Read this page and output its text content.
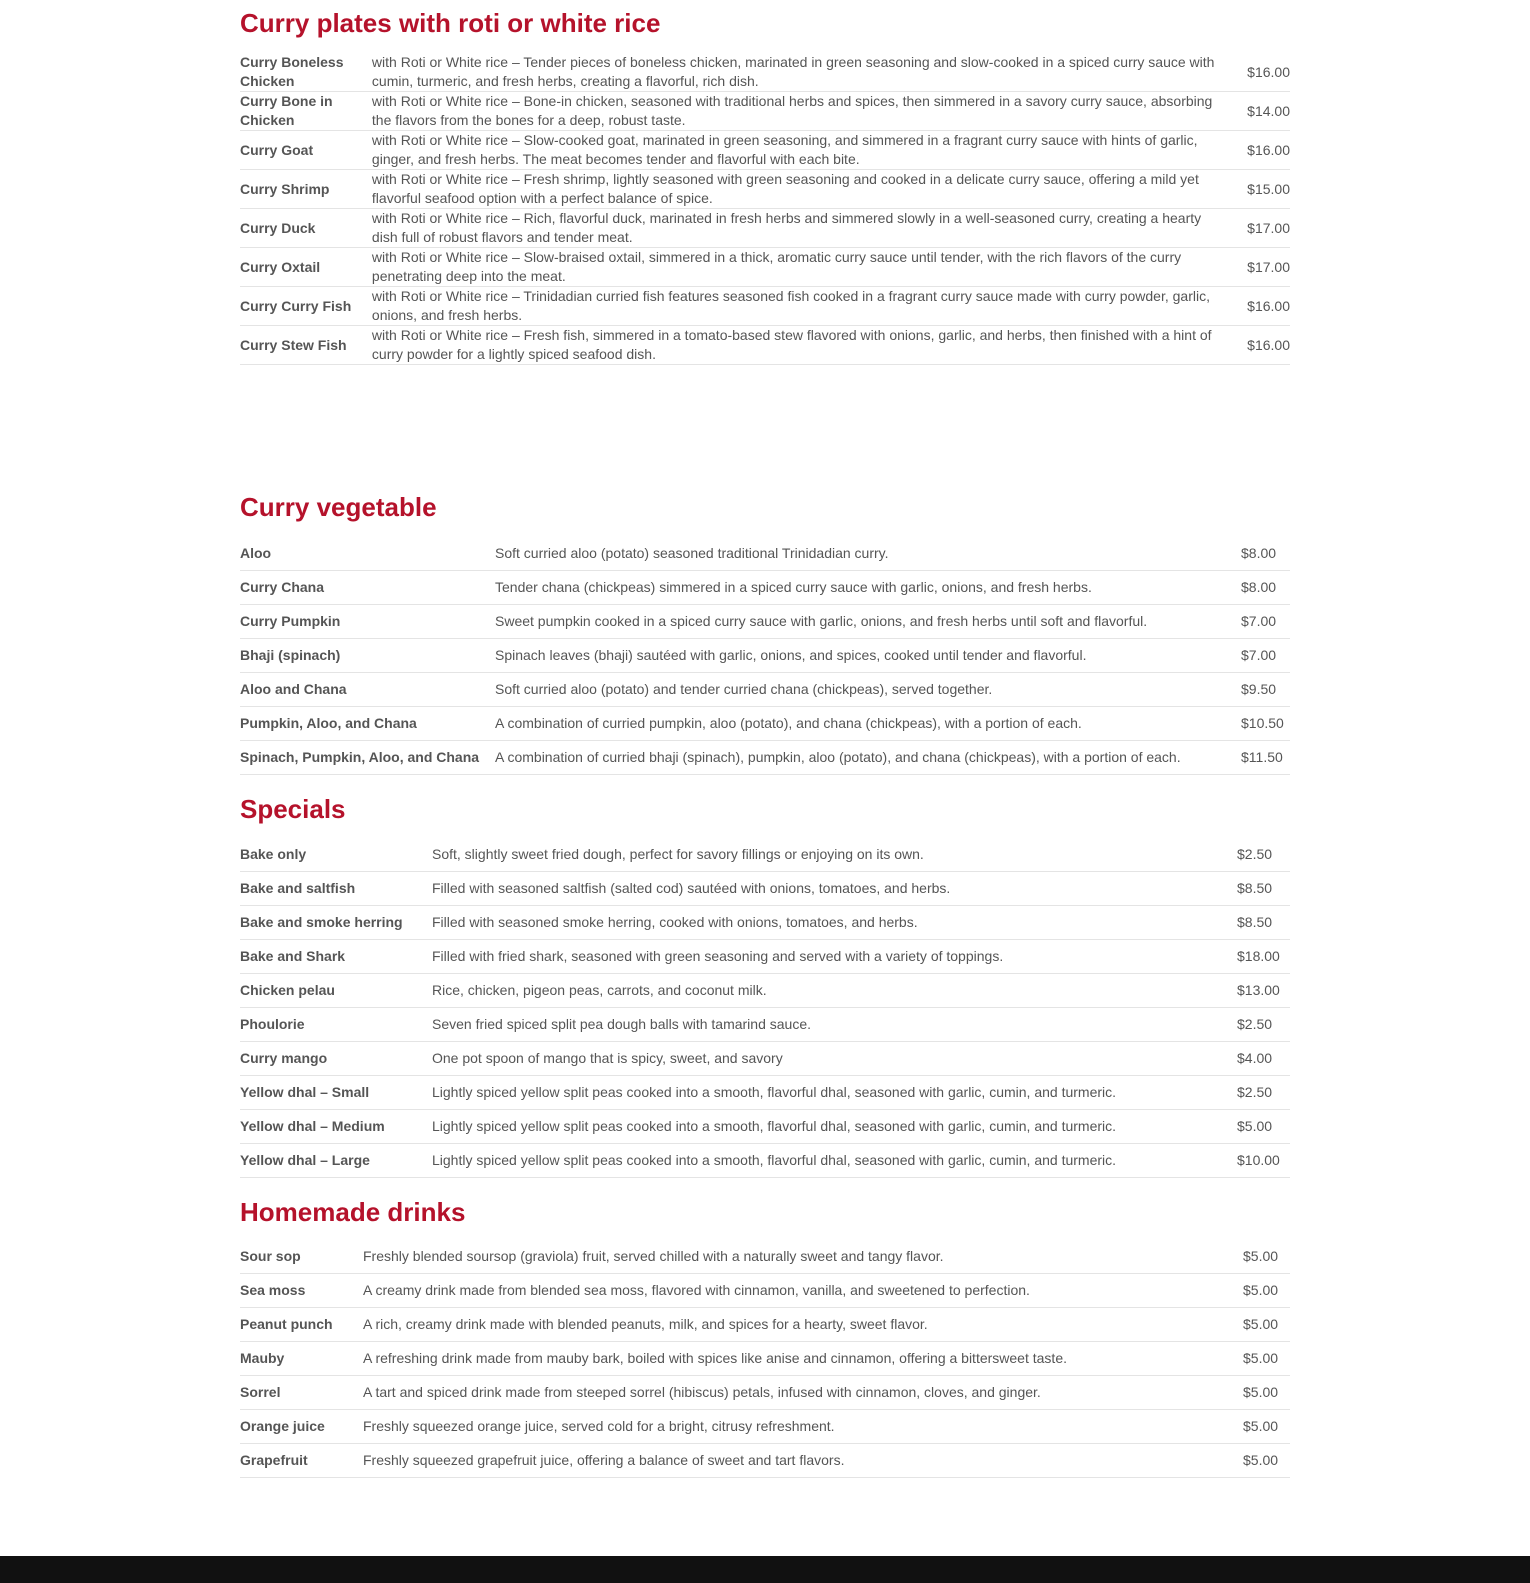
Curry plates with roti or white rice
Curry Boneless Chicken	with Roti or White rice – Tender pieces of boneless chicken, marinated in green seasoning and slow-cooked in a spiced curry sauce with cumin, turmeric, and fresh herbs, creating a flavorful, rich dish.	$16.00
Curry Bone in Chicken	with Roti or White rice – Bone-in chicken, seasoned with traditional herbs and spices, then simmered in a savory curry sauce, absorbing the flavors from the bones for a deep, robust taste.	$14.00
Curry Goat	with Roti or White rice – Slow-cooked goat, marinated in green seasoning, and simmered in a fragrant curry sauce with hints of garlic, ginger, and fresh herbs. The meat becomes tender and flavorful with each bite.	$16.00
Curry Shrimp	with Roti or White rice – Fresh shrimp, lightly seasoned with green seasoning and cooked in a delicate curry sauce, offering a mild yet flavorful seafood option with a perfect balance of spice.	$15.00
Curry Duck	with Roti or White rice – Rich, flavorful duck, marinated in fresh herbs and simmered slowly in a well-seasoned curry, creating a hearty dish full of robust flavors and tender meat.	$17.00
Curry Oxtail	with Roti or White rice – Slow-braised oxtail, simmered in a thick, aromatic curry sauce until tender, with the rich flavors of the curry penetrating deep into the meat.	$17.00
Curry Curry Fish	with Roti or White rice – Trinidadian curried fish features seasoned fish cooked in a fragrant curry sauce made with curry powder, garlic, onions, and fresh herbs.	$16.00
Curry Stew Fish	with Roti or White rice – Fresh fish, simmered in a tomato-based stew flavored with onions, garlic, and herbs, then finished with a hint of curry powder for a lightly spiced seafood dish.	$16.00
Curry vegetable
Aloo	Soft curried aloo (potato) seasoned traditional Trinidadian curry.	$8.00
Curry Chana	Tender chana (chickpeas) simmered in a spiced curry sauce with garlic, onions, and fresh herbs.	$8.00
Curry Pumpkin	Sweet pumpkin cooked in a spiced curry sauce with garlic, onions, and fresh herbs until soft and flavorful.	$7.00
Bhaji (spinach)	Spinach leaves (bhaji) sautéed with garlic, onions, and spices, cooked until tender and flavorful.	$7.00
Aloo and Chana	Soft curried aloo (potato) and tender curried chana (chickpeas), served together.	$9.50
Pumpkin, Aloo, and Chana	A combination of curried pumpkin, aloo (potato), and chana (chickpeas), with a portion of each.	$10.50
Spinach, Pumpkin, Aloo, and Chana	A combination of curried bhaji (spinach), pumpkin, aloo (potato), and chana (chickpeas), with a portion of each.	$11.50
Specials
Bake only	Soft, slightly sweet fried dough, perfect for savory fillings or enjoying on its own.	$2.50
Bake and saltfish	Filled with seasoned saltfish (salted cod) sautéed with onions, tomatoes, and herbs.	$8.50
Bake and smoke herring	Filled with seasoned smoke herring, cooked with onions, tomatoes, and herbs.	$8.50
Bake and Shark	Filled with fried shark, seasoned with green seasoning and served with a variety of toppings.	$18.00
Chicken pelau	Rice, chicken, pigeon peas, carrots, and coconut milk.	$13.00
Phoulorie	Seven fried spiced split pea dough balls with tamarind sauce.	$2.50
Curry mango	One pot spoon of mango that is spicy, sweet, and savory	$4.00
Yellow dhal – Small	Lightly spiced yellow split peas cooked into a smooth, flavorful dhal, seasoned with garlic, cumin, and turmeric.	$2.50
Yellow dhal – Medium	Lightly spiced yellow split peas cooked into a smooth, flavorful dhal, seasoned with garlic, cumin, and turmeric.	$5.00
Yellow dhal – Large	Lightly spiced yellow split peas cooked into a smooth, flavorful dhal, seasoned with garlic, cumin, and turmeric.	$10.00
Homemade drinks
Sour sop	Freshly blended soursop (graviola) fruit, served chilled with a naturally sweet and tangy flavor.	$5.00
Sea moss	A creamy drink made from blended sea moss, flavored with cinnamon, vanilla, and sweetened to perfection.	$5.00
Peanut punch	A rich, creamy drink made with blended peanuts, milk, and spices for a hearty, sweet flavor.	$5.00
Mauby	A refreshing drink made from mauby bark, boiled with spices like anise and cinnamon, offering a bittersweet taste.	$5.00
Sorrel	A tart and spiced drink made from steeped sorrel (hibiscus) petals, infused with cinnamon, cloves, and ginger.	$5.00
Orange juice	Freshly squeezed orange juice, served cold for a bright, citrusy refreshment.	$5.00
Grapefruit	Freshly squeezed grapefruit juice, offering a balance of sweet and tart flavors.	$5.00
